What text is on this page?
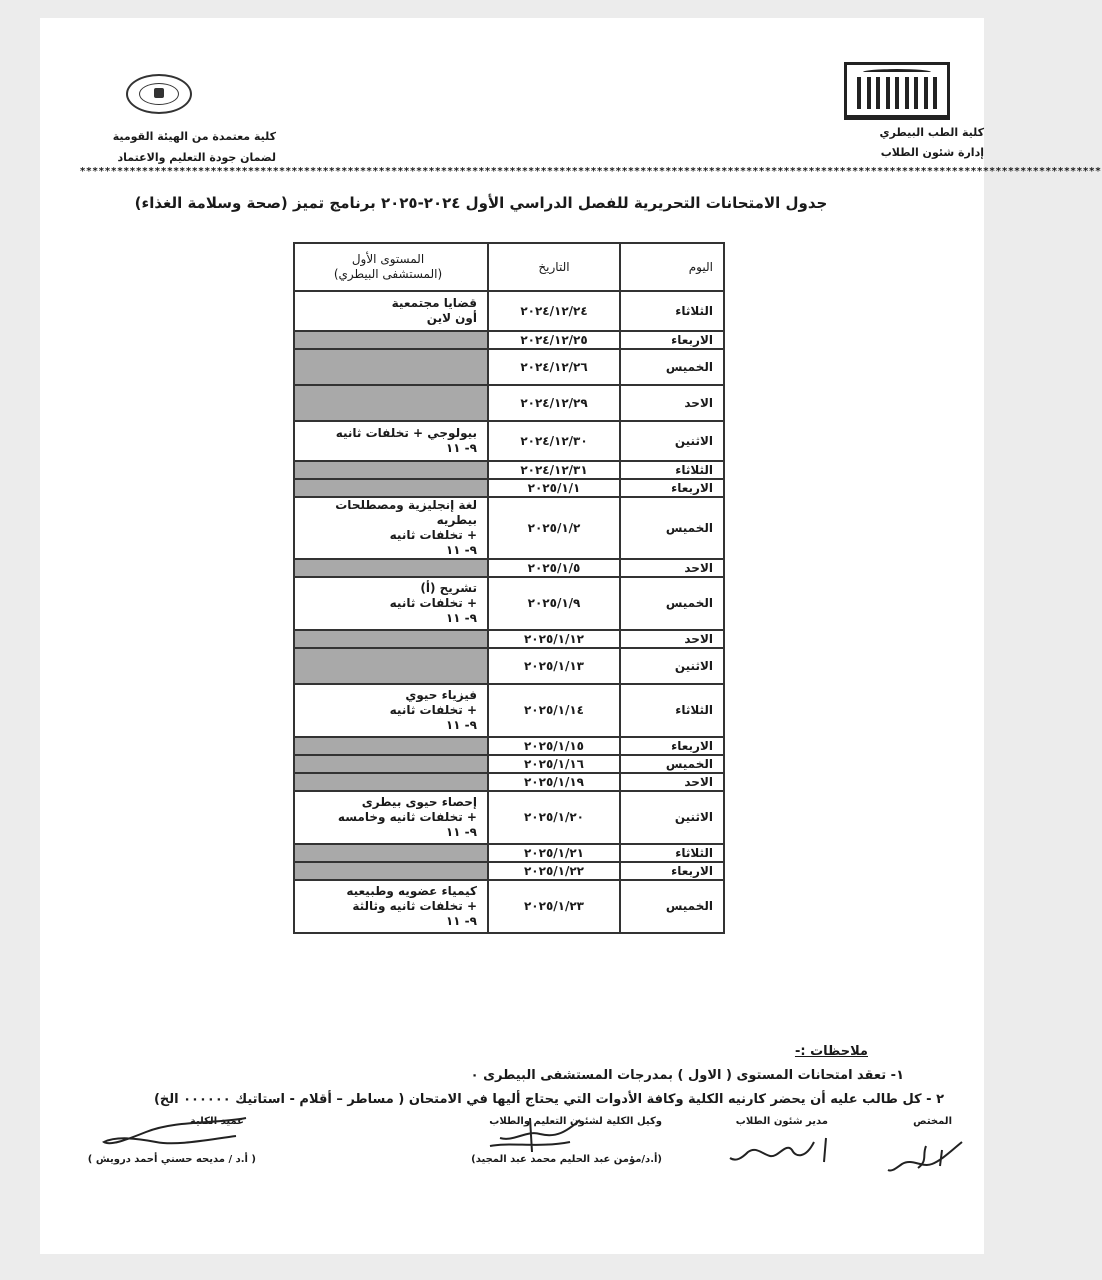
كلية الطب البيطري
إدارة شئون الطلاب
كلية معتمدة من الهيئة القومية
لضمان جودة التعليم والاعتماد
********************************************************************************************************************************************************************
جدول الامتحانات التحريرية للفصل الدراسي الأول ٢٠٢٤-٢٠٢٥ برنامج تميز (صحة وسلامة الغذاء)
اليوم	التاريخ	المستوى الأول
(المستشفى البيطري)

الثلاثاء	٢٠٢٤/١٢/٢٤	قضايا مجتمعية
أون لاين

الاربعاء	٢٠٢٤/١٢/٢٥	
الخميس	٢٠٢٤/١٢/٢٦	
الاحد	٢٠٢٤/١٢/٢٩	
الاثنين	٢٠٢٤/١٢/٣٠	بيولوجي + تخلفات ثانيه
٩- ١١

الثلاثاء	٢٠٢٤/١٢/٣١	
الاربعاء	٢٠٢٥/١/١	
الخميس	٢٠٢٥/١/٢	لغة إنجليزية ومصطلحات بيطريه
+ تخلفات ثانيه
٩- ١١

الاحد	٢٠٢٥/١/٥	
الخميس	٢٠٢٥/١/٩	تشريح (أ)
+ تخلفات ثانيه
٩- ١١

الاحد	٢٠٢٥/١/١٢	
الاثنين	٢٠٢٥/١/١٣	
الثلاثاء	٢٠٢٥/١/١٤	فيزياء حيوي
+ تخلفات ثانيه
٩- ١١

الاربعاء	٢٠٢٥/١/١٥	
الخميس	٢٠٢٥/١/١٦	
الاحد	٢٠٢٥/١/١٩	
الاثنين	٢٠٢٥/١/٢٠	إحصاء حيوى بيطرى
+ تخلفات ثانيه وخامسه
٩- ١١

الثلاثاء	٢٠٢٥/١/٢١	
الاربعاء	٢٠٢٥/١/٢٢	
الخميس	٢٠٢٥/١/٢٣	كيمياء عضويه وطبيعيه
+ تخلفات ثانيه وثالثة
٩- ١١
ملاحظات :-
١- تعقد امتحانات المستوى ( الاول ) بمدرجات المستشفى البيطرى ٠
٢ - كل طالب عليه أن يحضر كارنيه الكلية وكافة الأدوات التي يحتاج أليها في الامتحان ( مساطر – أقلام - استاتيك ٠٠٠٠٠٠ الخ)
المختص
مدير شئون الطلاب
وكيل الكلية لشئون التعليم والطلاب
(أ.د/مؤمن عبد الحليم محمد عبد المجيد)
عميد الكلية
( أ.د / مديحه حسني أحمد درويش )
